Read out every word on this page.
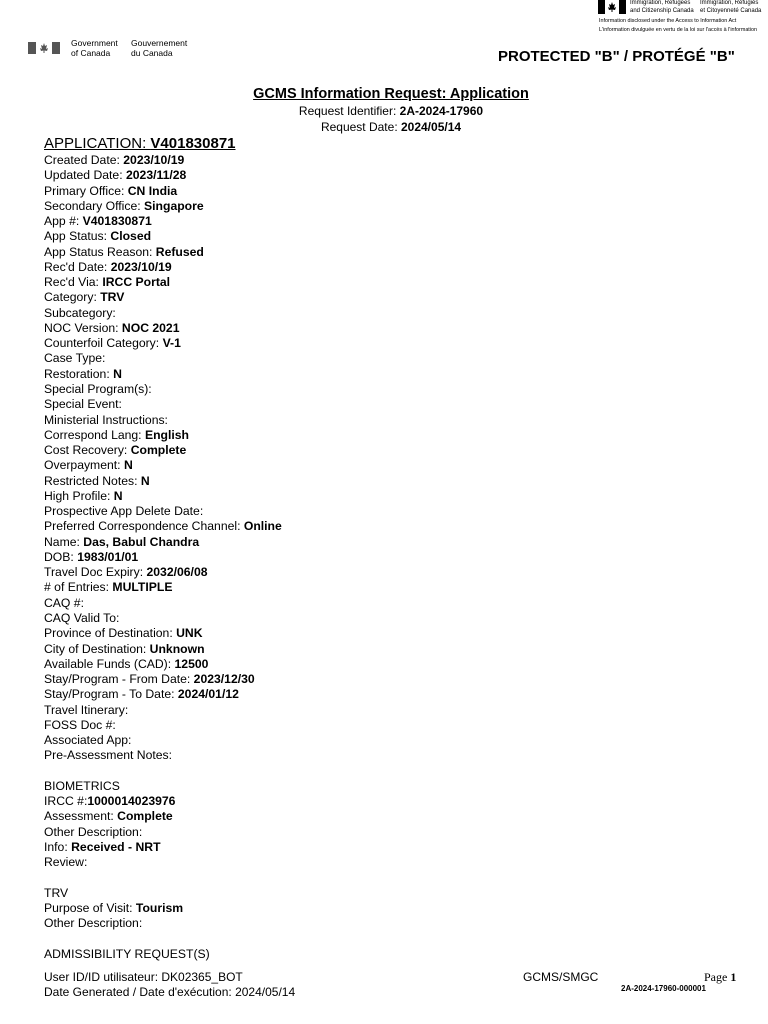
Immigration, Refugees
and Citizenship Canada
Immigration, Réfugiés
et Citoyenneté Canada
Information disclosed under the Access to Information Act
L'information divulguée en vertu de la loi sur l'accès à l'information
Government
of Canada
Gouvernement
du Canada	PROTECTED "B" / PROTÉGÉ "B"
GCMS Information Request: Application
Request Identifier: 2A-2024-17960
Request Date: 2024/05/14
APPLICATION: V401830871
Created Date: 2023/10/19
Updated Date: 2023/11/28
Primary Office: CN India
Secondary Office: Singapore
App #: V401830871
App Status: Closed
App Status Reason: Refused
Rec'd Date: 2023/10/19
Rec'd Via: IRCC Portal
Category: TRV
Subcategory:
NOC Version: NOC 2021
Counterfoil Category: V-1
Case Type:
Restoration: N
Special Program(s):
Special Event:
Ministerial Instructions:
Correspond Lang: English
Cost Recovery: Complete
Overpayment: N
Restricted Notes: N
High Profile: N
Prospective App Delete Date:
Preferred Correspondence Channel: Online
Name: Das, Babul Chandra
DOB: 1983/01/01
Travel Doc Expiry: 2032/06/08
# of Entries: MULTIPLE
CAQ #:
CAQ Valid To:
Province of Destination: UNK
City of Destination: Unknown
Available Funds (CAD): 12500
Stay/Program - From Date: 2023/12/30
Stay/Program - To Date: 2024/01/12
Travel Itinerary:
FOSS Doc #:
Associated App:
Pre-Assessment Notes:
BIOMETRICS
IRCC #:1000014023976
Assessment: Complete
Other Description:
Info: Received - NRT
Review:
TRV
Purpose of Visit: Tourism
Other Description:
ADMISSIBILITY REQUEST(S)
User ID/ID utilisateur: DK02365_BOT
Date Generated / Date d'exécution: 2024/05/14
GCMS/SMGC	Page 1
2A-2024-17960-000001
